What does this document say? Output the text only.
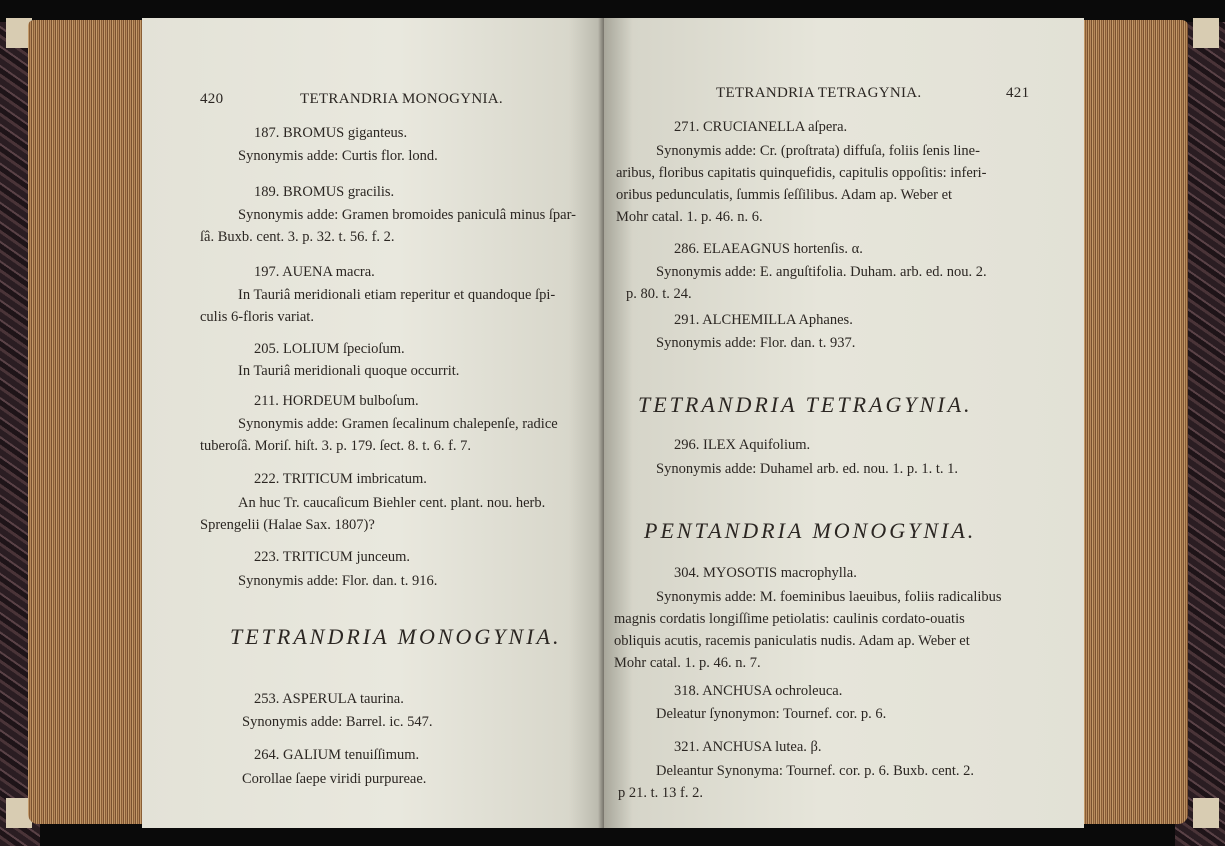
420	TETRANDRIA MONOGYNIA.
187. BROMUS giganteus.
Synonymis adde: Curtis flor. lond.
189. BROMUS gracilis.
Synonymis adde: Gramen bromoides paniculâ minus ſpar-
ſâ. Buxb. cent. 3. p. 32. t. 56. f. 2.
197. AUENA macra.
In Tauriâ meridionali etiam reperitur et quandoque ſpi-
culis 6-floris variat.
205. LOLIUM ſpecioſum.
In Tauriâ meridionali quoque occurrit.
211. HORDEUM bulboſum.
Synonymis adde: Gramen ſecalinum chalepenſe, radice
tuberoſâ. Moriſ. hiſt. 3. p. 179. ſect. 8. t. 6. f. 7.
222. TRITICUM imbricatum.
An huc Tr. caucaſicum Biehler cent. plant. nou. herb.
Sprengelii (Halae Sax. 1807)?
223. TRITICUM junceum.
Synonymis adde: Flor. dan. t. 916.
TETRANDRIA MONOGYNIA.
253. ASPERULA taurina.
Synonymis adde: Barrel. ic. 547.
264. GALIUM tenuiſſimum.
Corollae ſaepe viridi purpureae.
TETRANDRIA TETRAGYNIA.	421
271. CRUCIANELLA aſpera.
Synonymis adde: Cr. (proſtrata) diffuſa, foliis ſenis line-
aribus, floribus capitatis quinquefidis, capitulis oppoſitis: inferi-
oribus pedunculatis, ſummis ſeſſilibus. Adam ap. Weber et
Mohr catal. 1. p. 46. n. 6.
286. ELAEAGNUS hortenſis. α.
Synonymis adde: E. anguſtifolia. Duham. arb. ed. nou. 2.
p. 80. t. 24.
291. ALCHEMILLA Aphanes.
Synonymis adde: Flor. dan. t. 937.
TETRANDRIA TETRAGYNIA.
296. ILEX Aquifolium.
Synonymis adde: Duhamel arb. ed. nou. 1. p. 1. t. 1.
PENTANDRIA MONOGYNIA.
304. MYOSOTIS macrophylla.
Synonymis adde: M. foeminibus laeuibus, foliis radicalibus
magnis cordatis longiſſime petiolatis: caulinis cordato-ouatis
obliquis acutis, racemis paniculatis nudis. Adam ap. Weber et
Mohr catal. 1. p. 46. n. 7.
318. ANCHUSA ochroleuca.
Deleatur ſynonymon: Tournef. cor. p. 6.
321. ANCHUSA lutea. β.
Deleantur Synonyma: Tournef. cor. p. 6. Buxb. cent. 2.
p 21. t. 13 f. 2.
